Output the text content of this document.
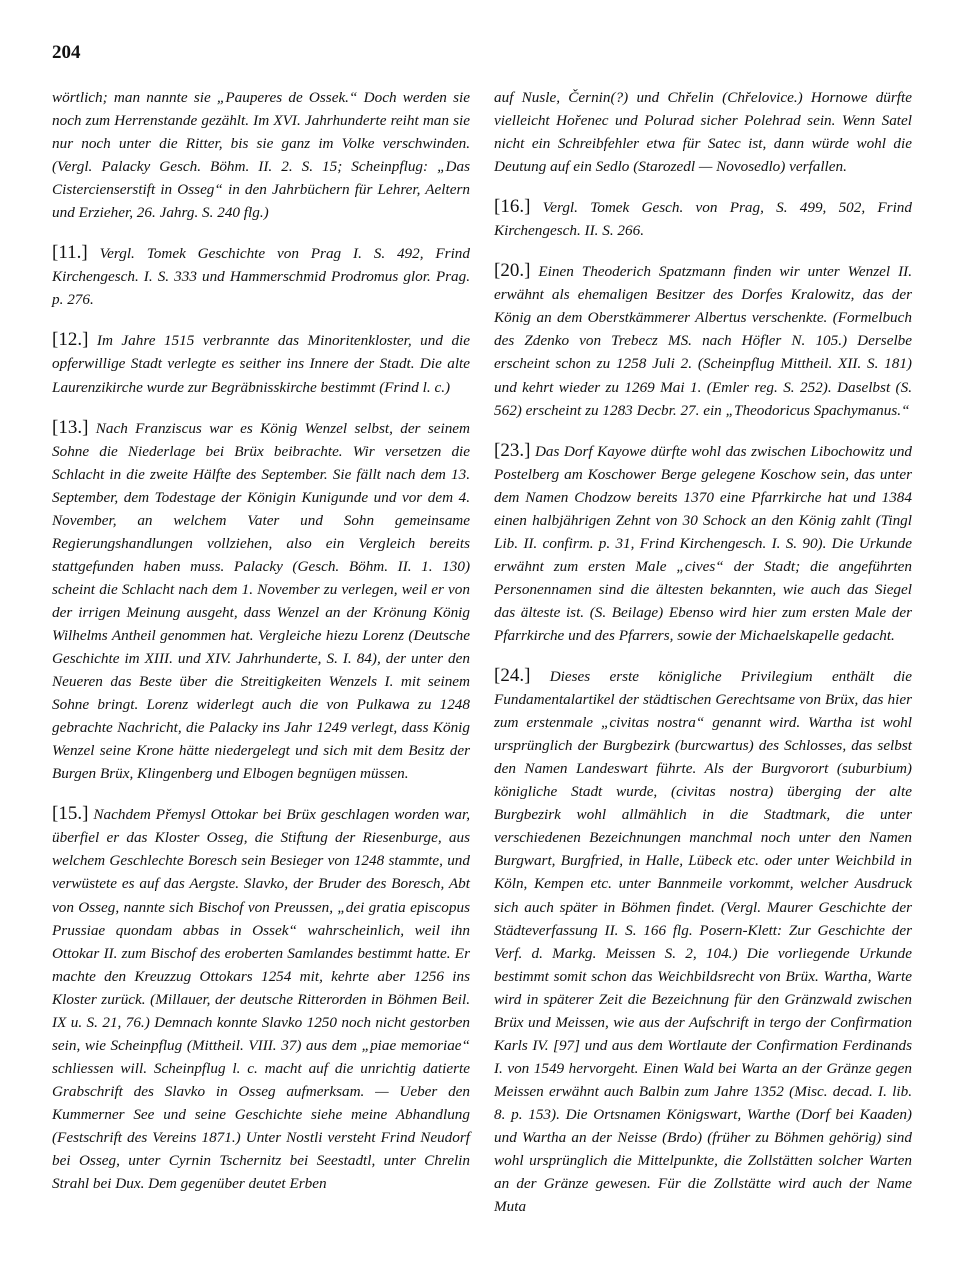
204

wörtlich; man nannte sie „Pauperes de Ossek.“ Doch werden sie noch zum Herrenstande gezählt. Im XVI. Jahrhunderte reiht man sie nur noch unter die Ritter, bis sie ganz im Volke verschwinden. (Vergl. Palacky Gesch. Böhm. II. 2. S. 15; Scheinpflug: „Das Cistercienserstift in Osseg“ in den Jahrbüchern für Lehrer, Aeltern und Erzieher, 26. Jahrg. S. 240 flg.)

[11.] Vergl. Tomek Geschichte von Prag I. S. 492, Frind Kirchengesch. I. S. 333 und Hammerschmid Prodromus glor. Prag. p. 276.

[12.] Im Jahre 1515 verbrannte das Minoritenkloster, und die opferwillige Stadt verlegte es seither ins Innere der Stadt. Die alte Laurenzikirche wurde zur Begräbnisskirche bestimmt (Frind l. c.)

[13.] Nach Franziscus war es König Wenzel selbst, der seinem Sohne die Niederlage bei Brüx beibrachte. Wir versetzen die Schlacht in die zweite Hälfte des September. Sie fällt nach dem 13. September, dem Todestage der Königin Kunigunde und vor dem 4. November, an welchem Vater und Sohn gemeinsame Regierungshandlungen vollziehen, also ein Vergleich bereits stattgefunden haben muss. Palacky (Gesch. Böhm. II. 1. 130) scheint die Schlacht nach dem 1. November zu verlegen, weil er von der irrigen Meinung ausgeht, dass Wenzel an der Krönung König Wilhelms Antheil genommen hat. Vergleiche hiezu Lorenz (Deutsche Geschichte im XIII. und XIV. Jahrhunderte, S. I. 84), der unter den Neueren das Beste über die Streitigkeiten Wenzels I. mit seinem Sohne bringt. Lorenz widerlegt auch die von Pulkawa zu 1248 gebrachte Nachricht, die Palacky ins Jahr 1249 verlegt, dass König Wenzel seine Krone hätte niedergelegt und sich mit dem Besitz der Burgen Brüx, Klingenberg und Elbogen begnügen müssen.

[15.] Nachdem Přemysl Ottokar bei Brüx geschlagen worden war, überfiel er das Kloster Osseg, die Stiftung der Riesenburge, aus welchem Geschlechte Boresch sein Besieger von 1248 stammte, und verwüstete es auf das Aergste. Slavko, der Bruder des Boresch, Abt von Osseg, nannte sich Bischof von Preussen, „dei gratia episcopus Prussiae quondam abbas in Ossek“ wahrscheinlich, weil ihn Ottokar II. zum Bischof des eroberten Samlandes bestimmt hatte. Er machte den Kreuzzug Ottokars 1254 mit, kehrte aber 1256 ins Kloster zurück. (Millauer, der deutsche Ritterorden in Böhmen Beil. IX u. S. 21, 76.) Demnach konnte Slavko 1250 noch nicht gestorben sein, wie Scheinpflug (Mittheil. VIII. 37) aus dem „piae memoriae“ schliessen will. Scheinpflug l. c. macht auf die unrichtig datierte Grabschrift des Slavko in Osseg aufmerksam. — Ueber den Kummerner See und seine Geschichte siehe meine Abhandlung (Festschrift des Vereins 1871.) Unter Nostli versteht Frind Neudorf bei Osseg, unter Cyrnin Tschernitz bei Seestadtl, unter Chrelin Strahl bei Dux. Dem gegenüber deutet Erben

auf Nusle, Černin(?) und Chřelin (Chřelovice.) Hornowe dürfte vielleicht Hořenec und Polurad sicher Polehrad sein. Wenn Satel nicht ein Schreibfehler etwa für Satec ist, dann würde wohl die Deutung auf ein Sedlo (Starozedl — Novosedlo) verfallen.

[16.] Vergl. Tomek Gesch. von Prag, S. 499, 502, Frind Kirchengesch. II. S. 266.

[20.] Einen Theoderich Spatzmann finden wir unter Wenzel II. erwähnt als ehemaligen Besitzer des Dorfes Kralowitz, das der König an dem Oberstkämmerer Albertus verschenkte. (Formelbuch des Zdenko von Trebecz MS. nach Höfler N. 105.) Derselbe erscheint schon zu 1258 Juli 2. (Scheinpflug Mittheil. XII. S. 181) und kehrt wieder zu 1269 Mai 1. (Emler reg. S. 252). Daselbst (S. 562) erscheint zu 1283 Decbr. 27. ein „Theodoricus Spachymanus.“

[23.] Das Dorf Kayowe dürfte wohl das zwischen Libochowitz und Postelberg am Koschower Berge gelegene Koschow sein, das unter dem Namen Chodzow bereits 1370 eine Pfarrkirche hat und 1384 einen halbjährigen Zehnt von 30 Schock an den König zahlt (Tingl Lib. II. confirm. p. 31, Frind Kirchengesch. I. S. 90). Die Urkunde erwähnt zum ersten Male „cives“ der Stadt; die angeführten Personennamen sind die ältesten bekannten, wie auch das Siegel das älteste ist. (S. Beilage) Ebenso wird hier zum ersten Male der Pfarrkirche und des Pfarrers, sowie der Michaelskapelle gedacht.

[24.] Dieses erste königliche Privilegium enthält die Fundamentalartikel der städtischen Gerechtsame von Brüx, das hier zum erstenmale „civitas nostra“ genannt wird. Wartha ist wohl ursprünglich der Burgbezirk (burcwartus) des Schlosses, das selbst den Namen Landeswart führte. Als der Burgvorort (suburbium) königliche Stadt wurde, (civitas nostra) überging der alte Burgbezirk wohl allmählich in die Stadtmark, die unter verschiedenen Bezeichnungen manchmal noch unter den Namen Burgwart, Burgfried, in Halle, Lübeck etc. oder unter Weichbild in Köln, Kempen etc. unter Bannmeile vorkommt, welcher Ausdruck sich auch später in Böhmen findet. (Vergl. Maurer Geschichte der Städteverfassung II. S. 166 flg. Posern-Klett: Zur Geschichte der Verf. d. Markg. Meissen S. 2, 104.) Die vorliegende Urkunde bestimmt somit schon das Weichbildsrecht von Brüx. Wartha, Warte wird in späterer Zeit die Bezeichnung für den Gränzwald zwischen Brüx und Meissen, wie aus der Aufschrift in tergo der Confirmation Karls IV. [97] und aus dem Wortlaute der Confirmation Ferdinands I. von 1549 hervorgeht. Einen Wald bei Warta an der Gränze gegen Meissen erwähnt auch Balbin zum Jahre 1352 (Misc. decad. I. lib. 8. p. 153). Die Ortsnamen Königswart, Warthe (Dorf bei Kaaden) und Wartha an der Neisse (Brdo) (früher zu Böhmen gehörig) sind wohl ursprünglich die Mittelpunkte, die Zollstätten solcher Warten an der Gränze gewesen. Für die Zollstätte wird auch der Name Muta
